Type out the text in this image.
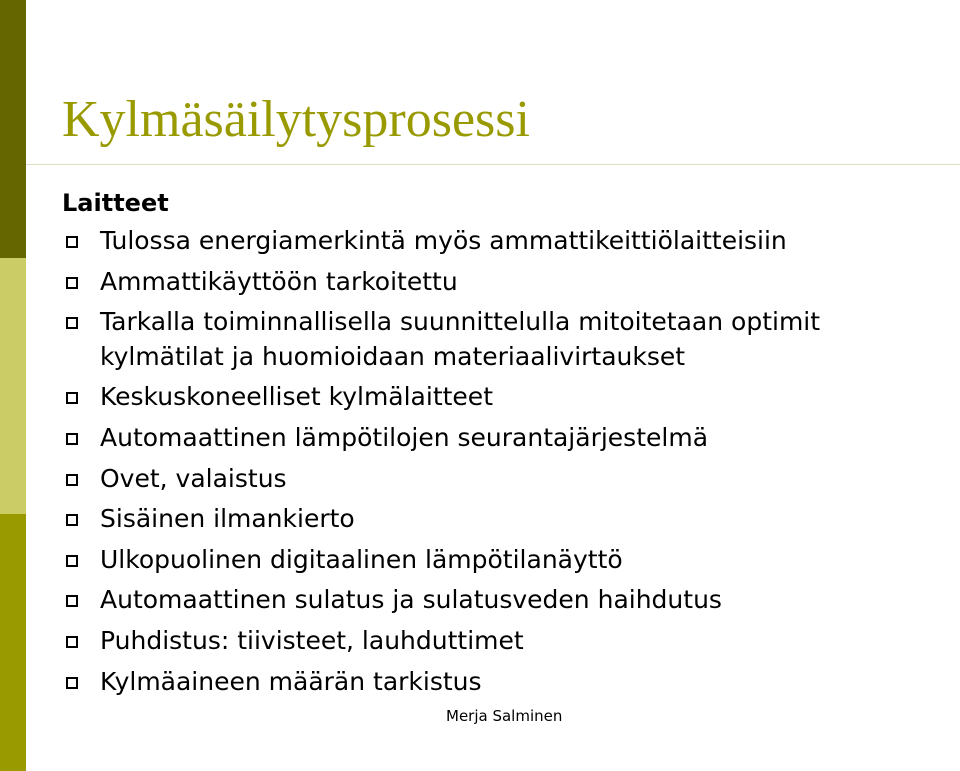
Kylmäsäilytysprosessi
Laitteet
Tulossa energiamerkintä myös ammattikeittiölaitteisiin
Ammattikäyttöön tarkoitettu
Tarkalla toiminnallisella suunnittelulla mitoitetaan optimit
kylmätilat ja huomioidaan materiaalivirtaukset
Keskuskoneelliset kylmälaitteet
Automaattinen lämpötilojen seurantajärjestelmä
Ovet, valaistus
Sisäinen ilmankierto
Ulkopuolinen digitaalinen lämpötilanäyttö
Automaattinen sulatus ja sulatusveden haihdutus
Puhdistus: tiivisteet, lauhduttimet
Kylmäaineen määrän tarkistus
Merja Salminen
